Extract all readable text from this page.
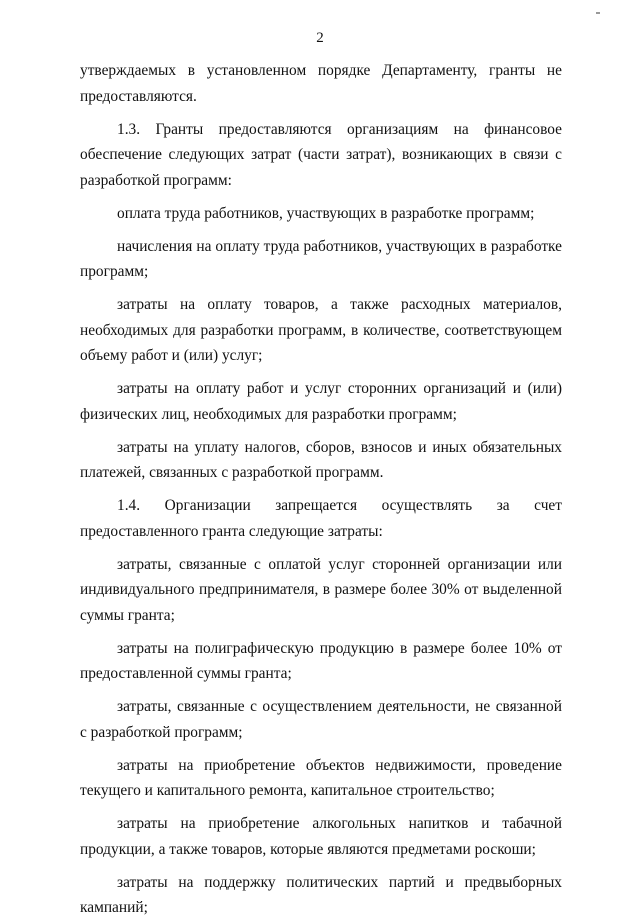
2

утверждаемых в установленном порядке Департаменту, гранты не предоставляются.

1.3. Гранты предоставляются организациям на финансовое обеспечение следующих затрат (части затрат), возникающих в связи с разработкой программ:

оплата труда работников, участвующих в разработке программ;

начисления на оплату труда работников, участвующих в разработке программ;

затраты на оплату товаров, а также расходных материалов, необходимых для разработки программ, в количестве, соответствующем объему работ и (или) услуг;

затраты на оплату работ и услуг сторонних организаций и (или) физических лиц, необходимых для разработки программ;

затраты на уплату налогов, сборов, взносов и иных обязательных платежей, связанных с разработкой программ.

1.4. Организации запрещается осуществлять за счет предоставленного гранта следующие затраты:

затраты, связанные с оплатой услуг сторонней организации или индивидуального предпринимателя, в размере более 30% от выделенной суммы гранта;

затраты на полиграфическую продукцию в размере более 10% от предоставленной суммы гранта;

затраты, связанные с осуществлением деятельности, не связанной с разработкой программ;

затраты на приобретение объектов недвижимости, проведение текущего и капитального ремонта, капитальное строительство;

затраты на приобретение алкогольных напитков и табачной продукции, а также товаров, которые являются предметами роскоши;

затраты на поддержку политических партий и предвыборных кампаний;
